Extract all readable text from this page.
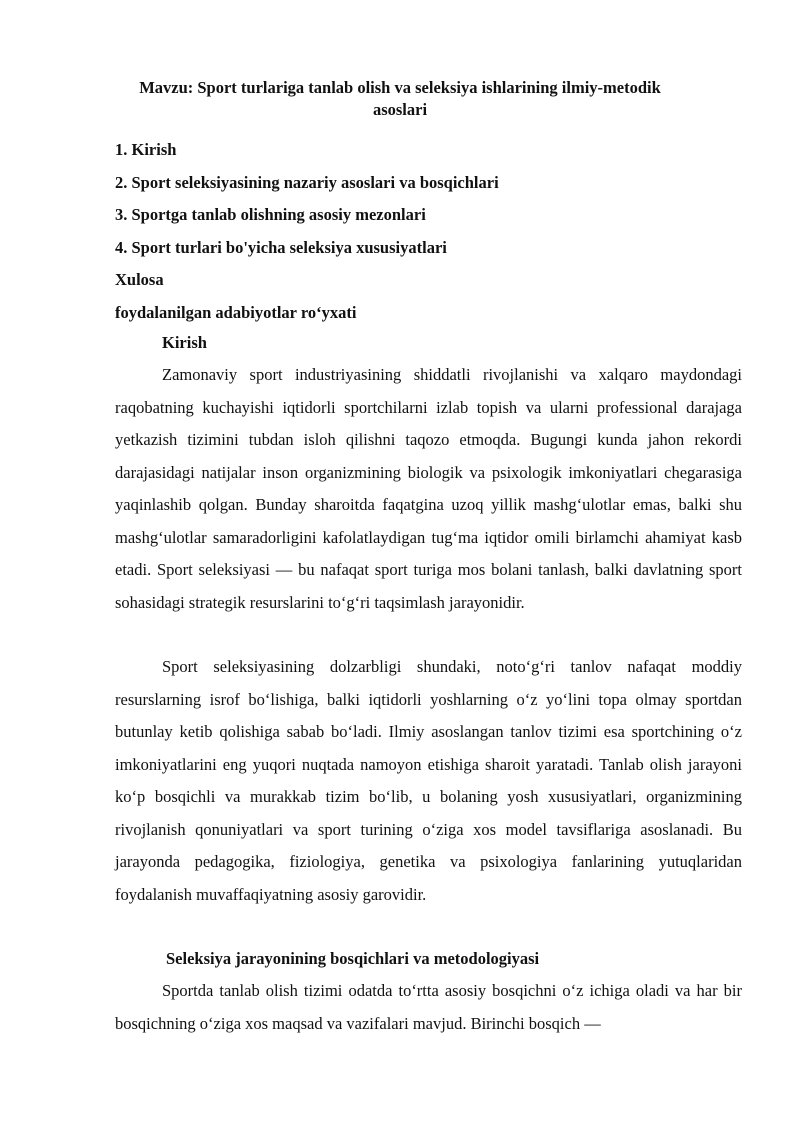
Mavzu: Sport turlariga tanlab olish va seleksiya ishlarining ilmiy-metodik asoslari
1. Kirish
2. Sport seleksiyasining nazariy asoslari va bosqichlari
3. Sportga tanlab olishning asosiy mezonlari
4. Sport turlari bo'yicha seleksiya xususiyatlari
Xulosa
foydalanilgan adabiyotlar ro‘yxati
Kirish

Zamonaviy sport industriyasining shiddatli rivojlanishi va xalqaro maydondagi raqobatning kuchayishi iqtidorli sportchilarni izlab topish va ularni professional darajaga yetkazish tizimini tubdan isloh qilishni taqozo etmoqda. Bugungi kunda jahon rekordi darajasidagi natijalar inson organizmining biologik va psixologik imkoniyatlari chegarasiga yaqinlashib qolgan. Bunday sharoitda faqatgina uzoq yillik mashg‘ulotlar emas, balki shu mashg‘ulotlar samaradorligini kafolatlaydigan tug‘ma iqtidor omili birlamchi ahamiyat kasb etadi. Sport seleksiyasi — bu nafaqat sport turiga mos bolani tanlash, balki davlatning sport sohasidagi strategik resurslarini to‘g‘ri taqsimlash jarayonidir.

Sport seleksiyasining dolzarbligi shundaki, noto‘g‘ri tanlov nafaqat moddiy resurslarning isrof bo‘lishiga, balki iqtidorli yoshlarning o‘z yo‘lini topa olmay sportdan butunlay ketib qolishiga sabab bo‘ladi. Ilmiy asoslangan tanlov tizimi esa sportchining o‘z imkoniyatlarini eng yuqori nuqtada namoyon etishiga sharoit yaratadi. Tanlab olish jarayoni ko‘p bosqichli va murakkab tizim bo‘lib, u bolaning yosh xususiyatlari, organizmining rivojlanish qonuniyatlari va sport turining o‘ziga xos model tavsiflariga asoslanadi. Bu jarayonda pedagogika, fiziologiya, genetika va psixologiya fanlarining yutuqlaridan foydalanish muvaffaqiyatning asosiy garovidir.

Seleksiya jarayonining bosqichlari va metodologiyasi

Sportda tanlab olish tizimi odatda to‘rtta asosiy bosqichni o‘z ichiga oladi va har bir bosqichning o‘ziga xos maqsad va vazifalari mavjud. Birinchi bosqich —
